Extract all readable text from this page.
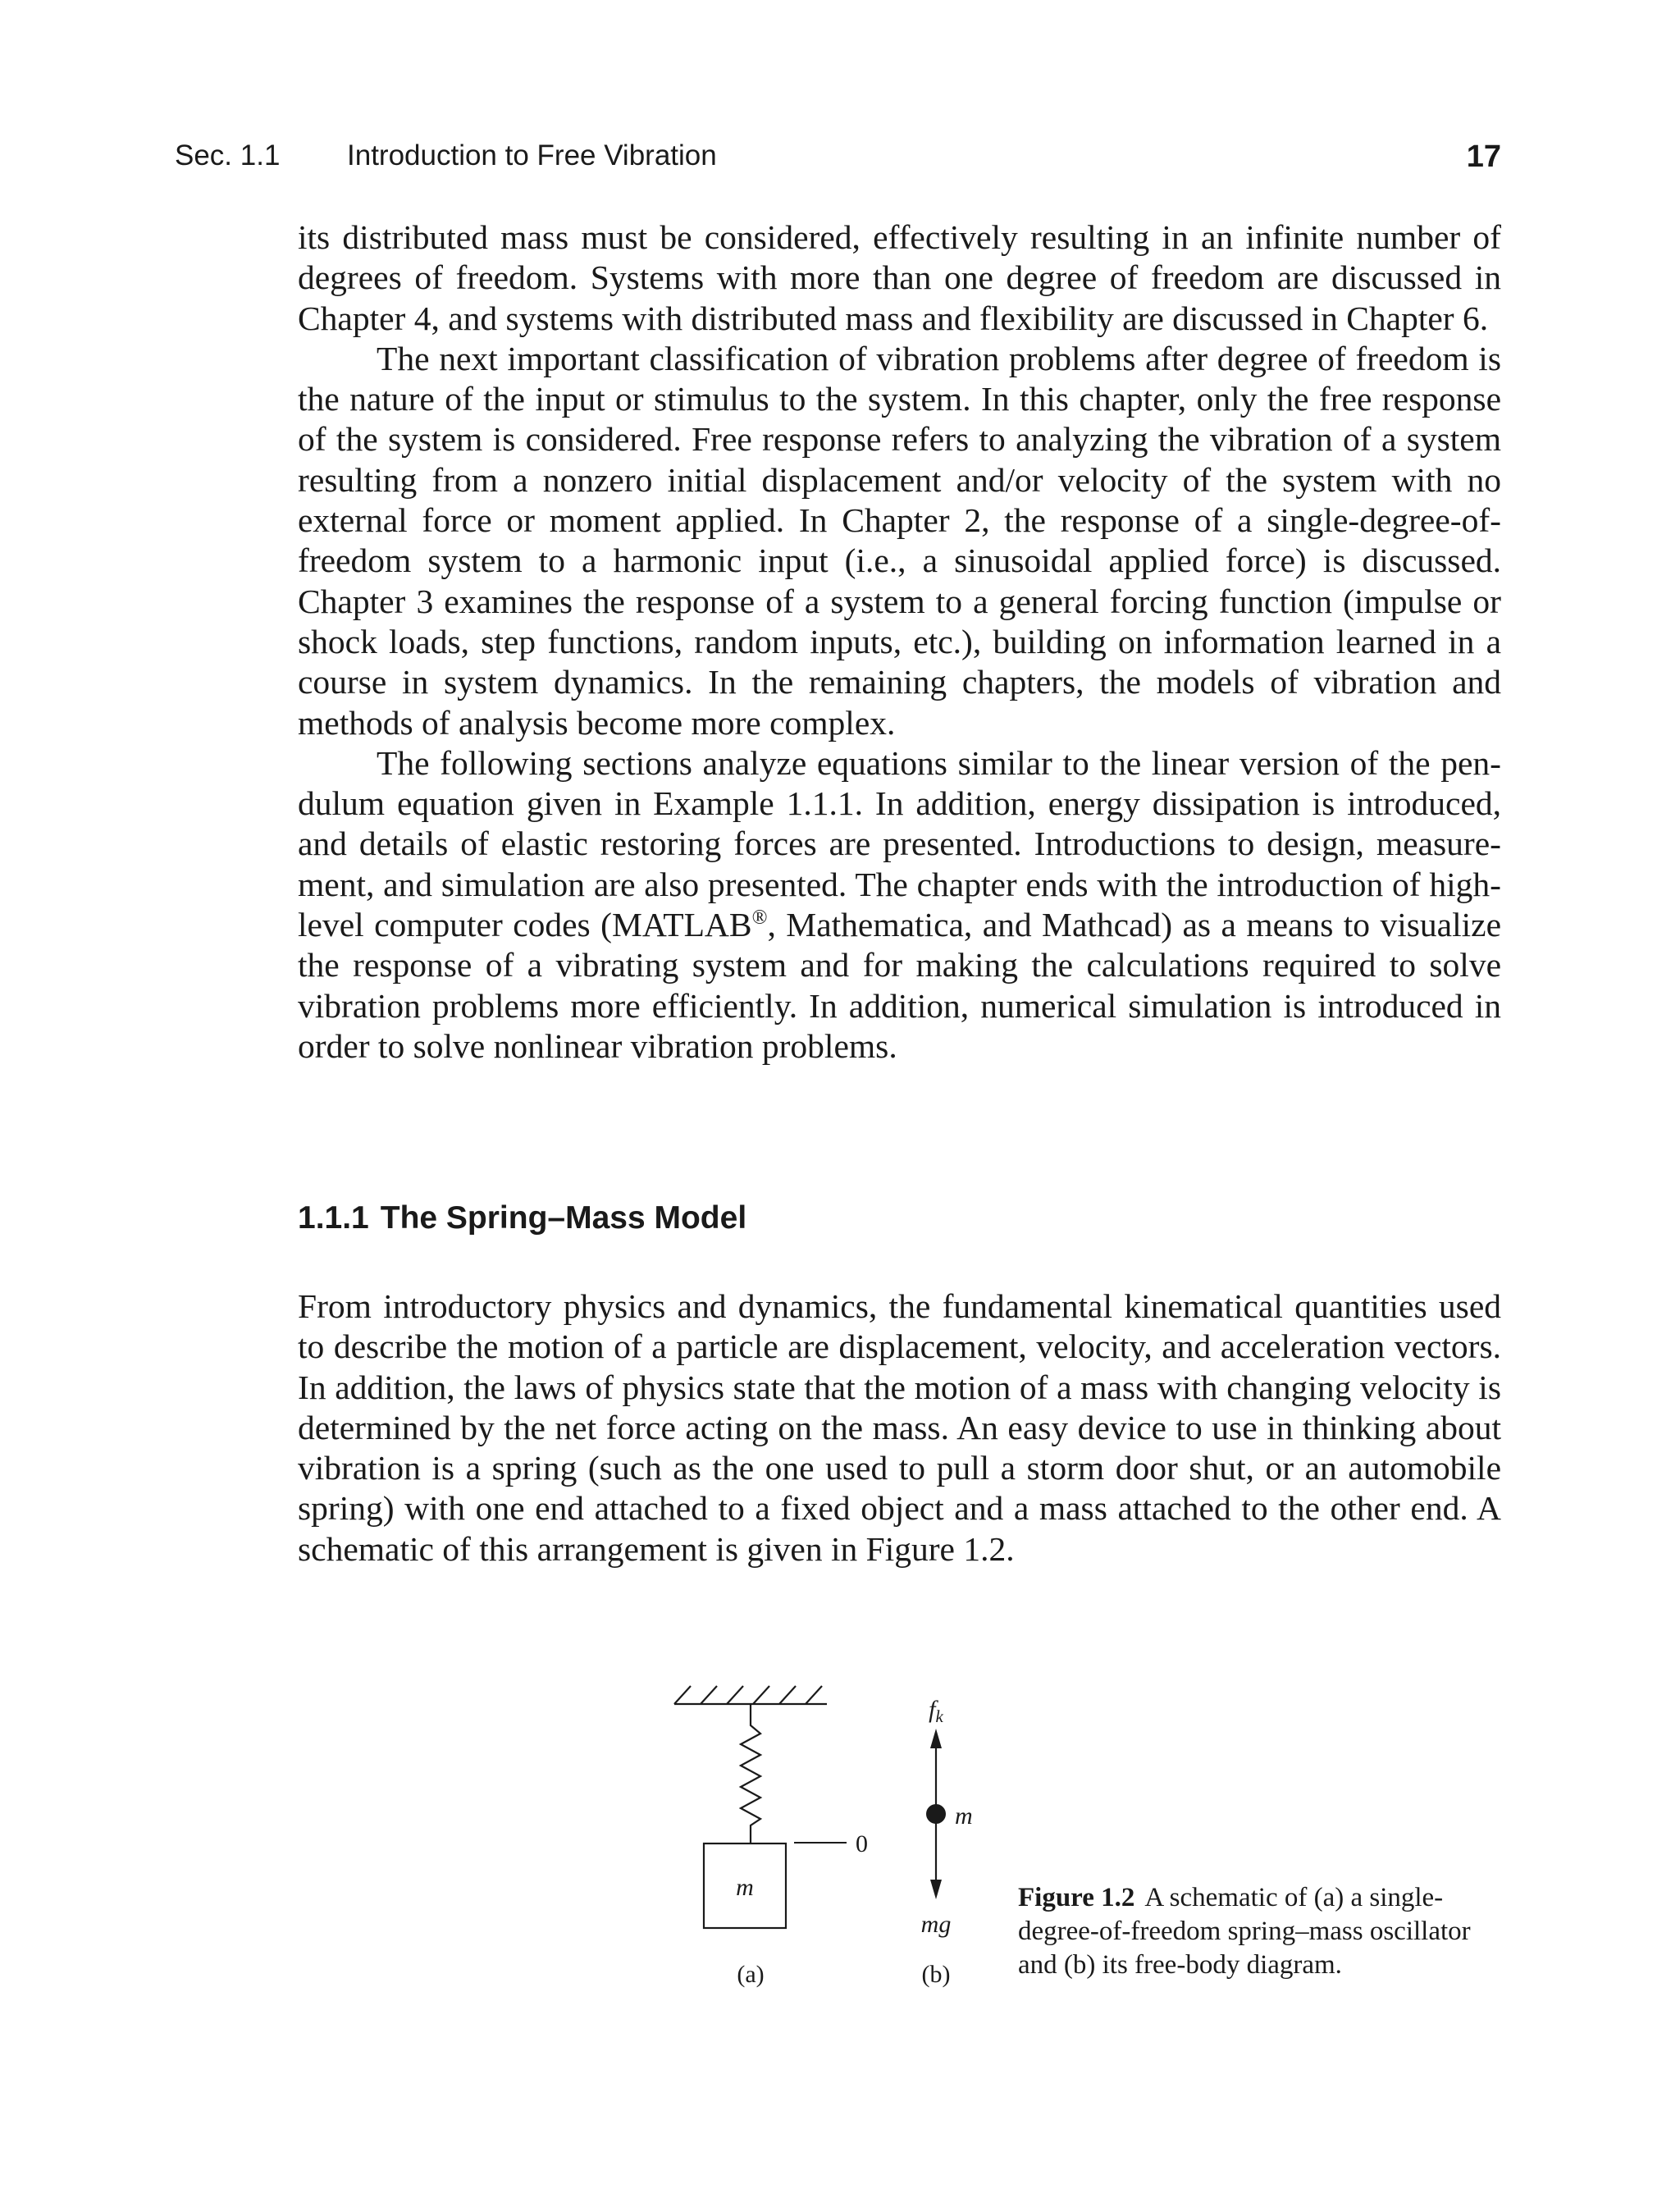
Sec. 1.1 Introduction to Free Vibration	17

its distributed mass must be considered, effectively resulting in an infinite number of degrees of freedom. Systems with more than one degree of freedom are discussed in Chapter 4, and systems with distributed mass and flexibility are discussed in Chapter 6.

The next important classification of vibration problems after degree of freedom is the nature of the input or stimulus to the system. In this chapter, only the free response of the system is considered. Free response refers to analyzing the vibration of a system resulting from a nonzero initial displacement and/or velocity of the system with no external force or moment applied. In Chapter 2, the response of a single-degree-of-freedom system to a harmonic input (i.e., a sinusoidal applied force) is discussed. Chapter 3 examines the response of a system to a general forcing function (impulse or shock loads, step functions, random inputs, etc.), building on information learned in a course in system dynamics. In the remaining chapters, the models of vibration and methods of analysis become more complex.

The following sections analyze equations similar to the linear version of the pendulum equation given in Example 1.1.1. In addition, energy dissipation is introduced, and details of elastic restoring forces are presented. Introductions to design, measurement, and simulation are also presented. The chapter ends with the introduction of high-level computer codes (MATLAB®, Mathematica, and Mathcad) as a means to visualize the response of a vibrating system and for making the calculations required to solve vibration problems more efficiently. In addition, numerical simulation is introduced in order to solve nonlinear vibration problems.

1.1.1 The Spring–Mass Model

From introductory physics and dynamics, the fundamental kinematical quantities used to describe the motion of a particle are displacement, velocity, and acceleration vectors. In addition, the laws of physics state that the motion of a mass with changing velocity is determined by the net force acting on the mass. An easy device to use in thinking about vibration is a spring (such as the one used to pull a storm door shut, or an automobile spring) with one end attached to a fixed object and a mass attached to the other end. A schematic of this arrangement is given in Figure 1.2.

m
0
(a)
$f_k$
m
mg
(b)
Figure 1.2 A schematic of (a) a single-degree-of-freedom spring–mass oscillator and (b) its free-body diagram.
